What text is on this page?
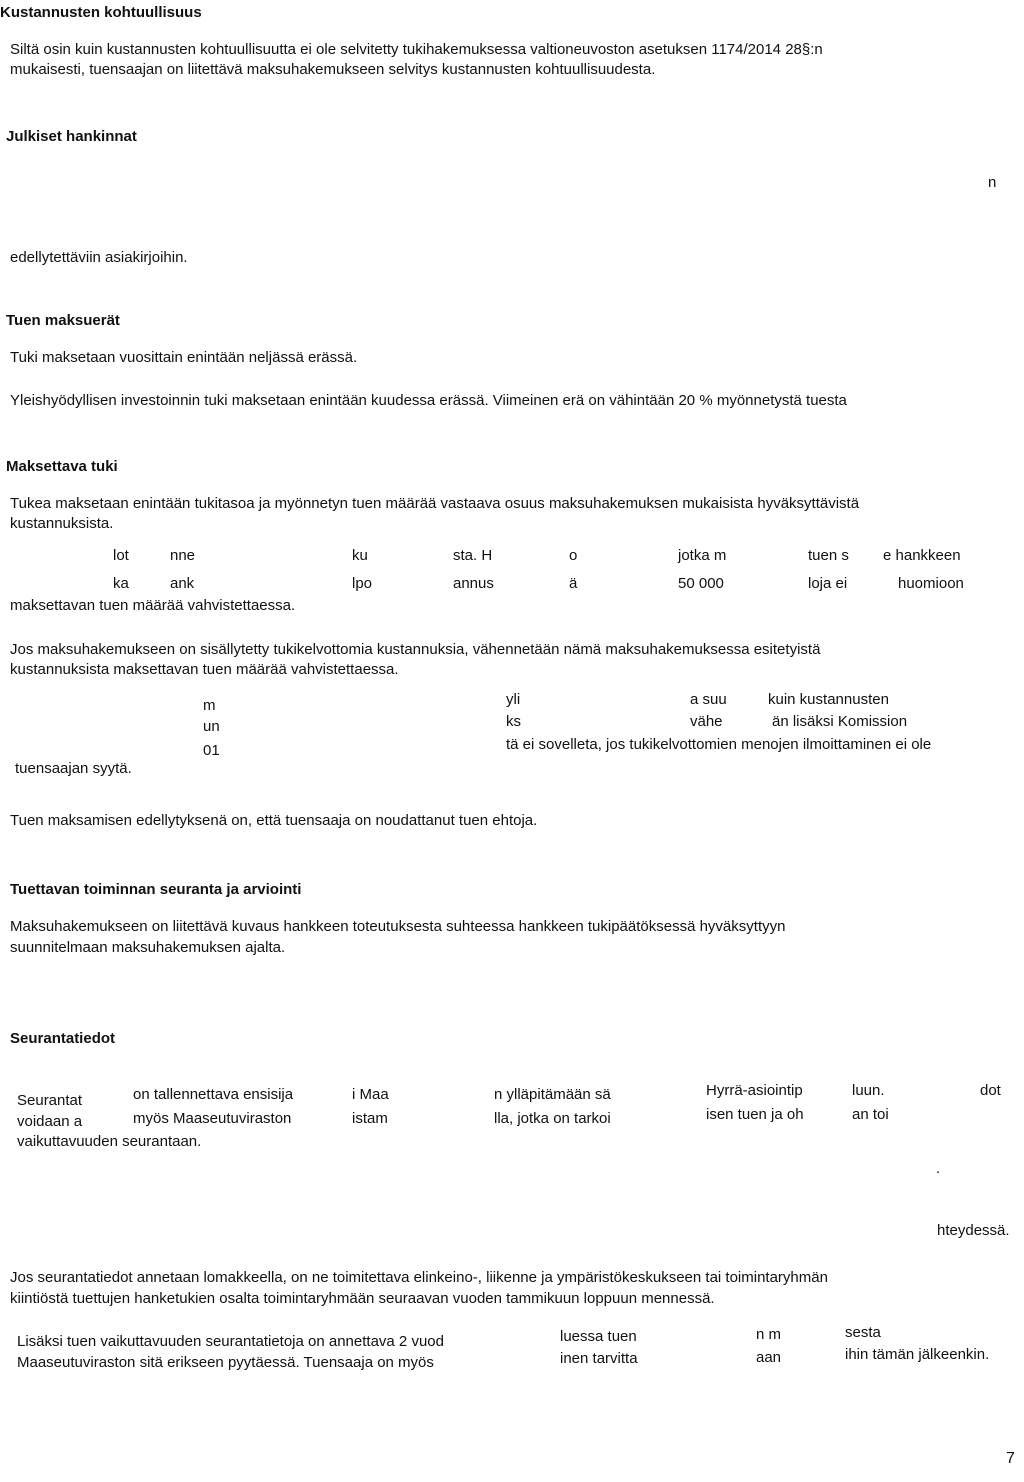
Kustannusten kohtuullisuus
Siltä osin kuin kustannusten kohtuullisuutta ei ole selvitetty tukihakemuksessa valtioneuvoston asetuksen 1174/2014 28§:n
mukaisesti, tuensaajan on liitettävä maksuhakemukseen selvitys kustannusten kohtuullisuudesta.
Julkiset hankinnat
n
edellytettäviin asiakirjoihin.
Tuen maksuerät
Tuki maksetaan vuosittain enintään neljässä erässä.
Yleishyödyllisen investoinnin tuki maksetaan enintään kuudessa erässä. Viimeinen erä on vähintään 20 % myönnetystä tuesta
Maksettava tuki
Tukea maksetaan enintään tukitasoa ja myönnetyn tuen määrää vastaava osuus maksuhakemuksen mukaisista hyväksyttävistä
kustannuksista.
lot	nne	ku	sta. H	o	jotka m	tuen s e hankkeen
ka	ank	lpo	annus	ä	50 000	loja ei	huomioon
maksettavan tuen määrää vahvistettaessa.
Jos maksuhakemukseen on sisällytetty tukikelvottomia kustannuksia, vähennetään nämä maksuhakemuksessa esitetyistä
kustannuksista maksettavan tuen määrää vahvistettaessa.
m	yli	a suu	kuin kustannusten
un	ks	vähe	än lisäksi Komission
01	tä ei sovelleta, jos tukikelvottomien menojen ilmoittaminen ei ole
tuensaajan syytä.
Tuen maksamisen edellytyksenä on, että tuensaaja on noudattanut tuen ehtoja.
Tuettavan toiminnan seuranta ja arviointi
Maksuhakemukseen on liitettävä kuvaus hankkeen toteutuksesta suhteessa hankkeen tukipäätöksessä hyväksyttyyn
suunnitelmaan maksuhakemuksen ajalta.
Seurantatiedot
Seurantat	on tallennettava ensisija	i Maa	n ylläpitämään sä	Hyrrä-asiointip	luun.	dot
voidaan a	myös Maaseutuviraston	istam	lla, jotka on tarkoi	isen tuen ja oh	an toi
vaikuttavuuden seurantaan.
.
hteydessä.
Jos seurantatiedot annetaan lomakkeella, on ne toimitettava elinkeino-, liikenne ja ympäristökeskukseen tai toimintaryhmän
kiintiöstä tuettujen hanketukien osalta toimintaryhmään seuraavan vuoden tammikuun loppuun mennessä.
Lisäksi tuen vaikuttavuuden seurantatietoja on annettava 2 vuod	luessa tuen	n m	sesta
Maaseutuviraston sitä erikseen pyytäessä. Tuensaaja on myös	inen tarvitta	aan	ihin tämän jälkeenkin.
7
